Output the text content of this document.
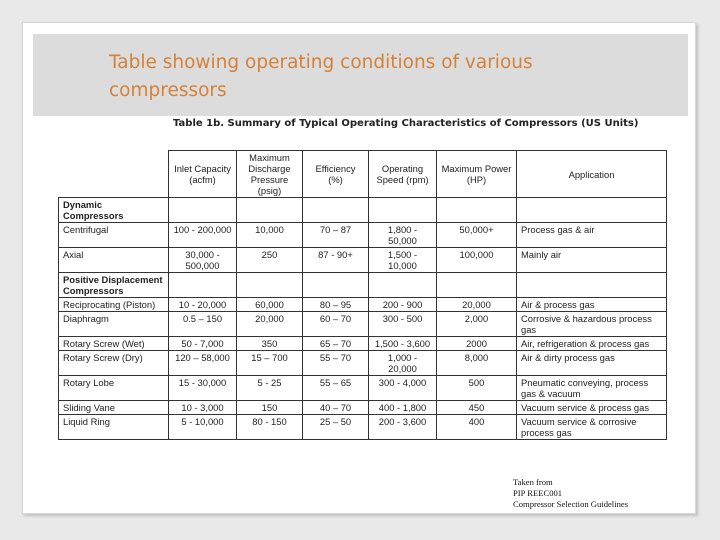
Table showing operating conditions of various compressors

Table 1b. Summary of Typical Operating Characteristics of Compressors (US Units)

	Inlet Capacity (acfm)	Maximum Discharge Pressure (psig)	Efficiency (%)	Operating Speed (rpm)	Maximum Power (HP)	Application
Dynamic Compressors						
Centrifugal	100 - 200,000	10,000	70 – 87	1,800 - 50,000	50,000+	Process gas & air
Axial	30,000 - 500,000	250	87 - 90+	1,500 - 10,000	100,000	Mainly air
Positive Displacement Compressors						
Reciprocating (Piston)	10 - 20,000	60,000	80 – 95	200 - 900	20,000	Air & process gas
Diaphragm	0.5 – 150	20,000	60 – 70	300 - 500	2,000	Corrosive & hazardous process gas
Rotary Screw (Wet)	50 - 7,000	350	65 – 70	1,500 - 3,600	2000	Air, refrigeration & process gas
Rotary Screw (Dry)	120 – 58,000	15 – 700	55 – 70	1,000 - 20,000	8,000	Air & dirty process gas
Rotary Lobe	15 - 30,000	5 - 25	55 – 65	300 - 4,000	500	Pneumatic conveying, process gas & vacuum
Sliding Vane	10 - 3,000	150	40 – 70	400 - 1,800	450	Vacuum service & process gas
Liquid Ring	5 - 10,000	80 - 150	25 – 50	200 - 3,600	400	Vacuum service & corrosive process gas

Taken from
PIP REEC001
Compressor Selection Guidelines
